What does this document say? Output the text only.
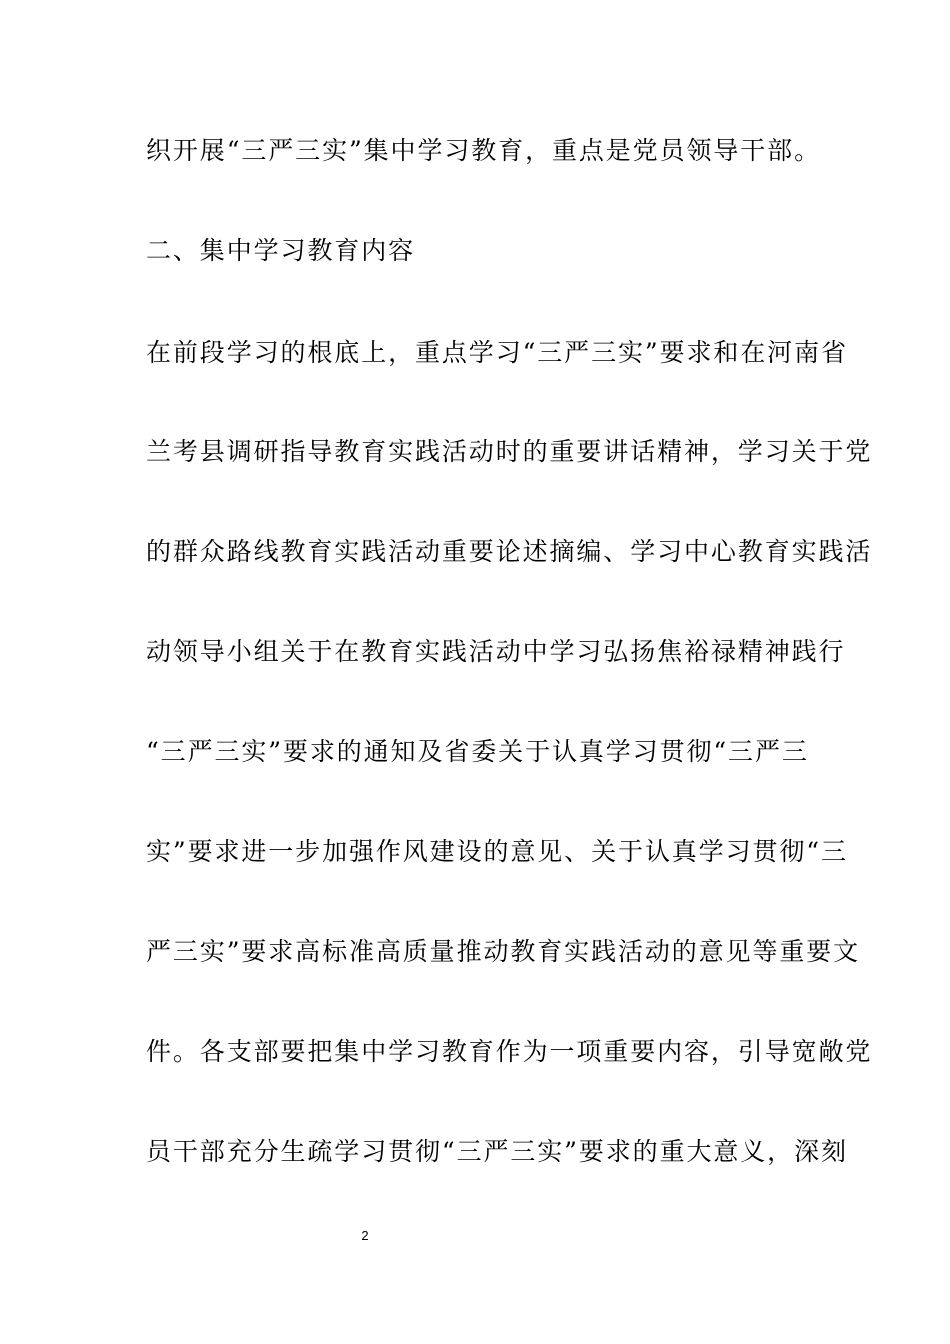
织开展“三严三实”集中学习教育，重点是党员领导干部。
二、集中学习教育内容
在前段学习的根底上，重点学习“三严三实”要求和在河南省
兰考县调研指导教育实践活动时的重要讲话精神，学习关于党
的群众路线教育实践活动重要论述摘编、学习中心教育实践活
动领导小组关于在教育实践活动中学习弘扬焦裕禄精神践行
“三严三实”要求的通知及省委关于认真学习贯彻“三严三
实”要求进一步加强作风建设的意见、关于认真学习贯彻“三
严三实”要求高标准高质量推动教育实践活动的意见等重要文
件。各支部要把集中学习教育作为一项重要内容，引导宽敞党
员干部充分生疏学习贯彻“三严三实”要求的重大意义，深刻
2
